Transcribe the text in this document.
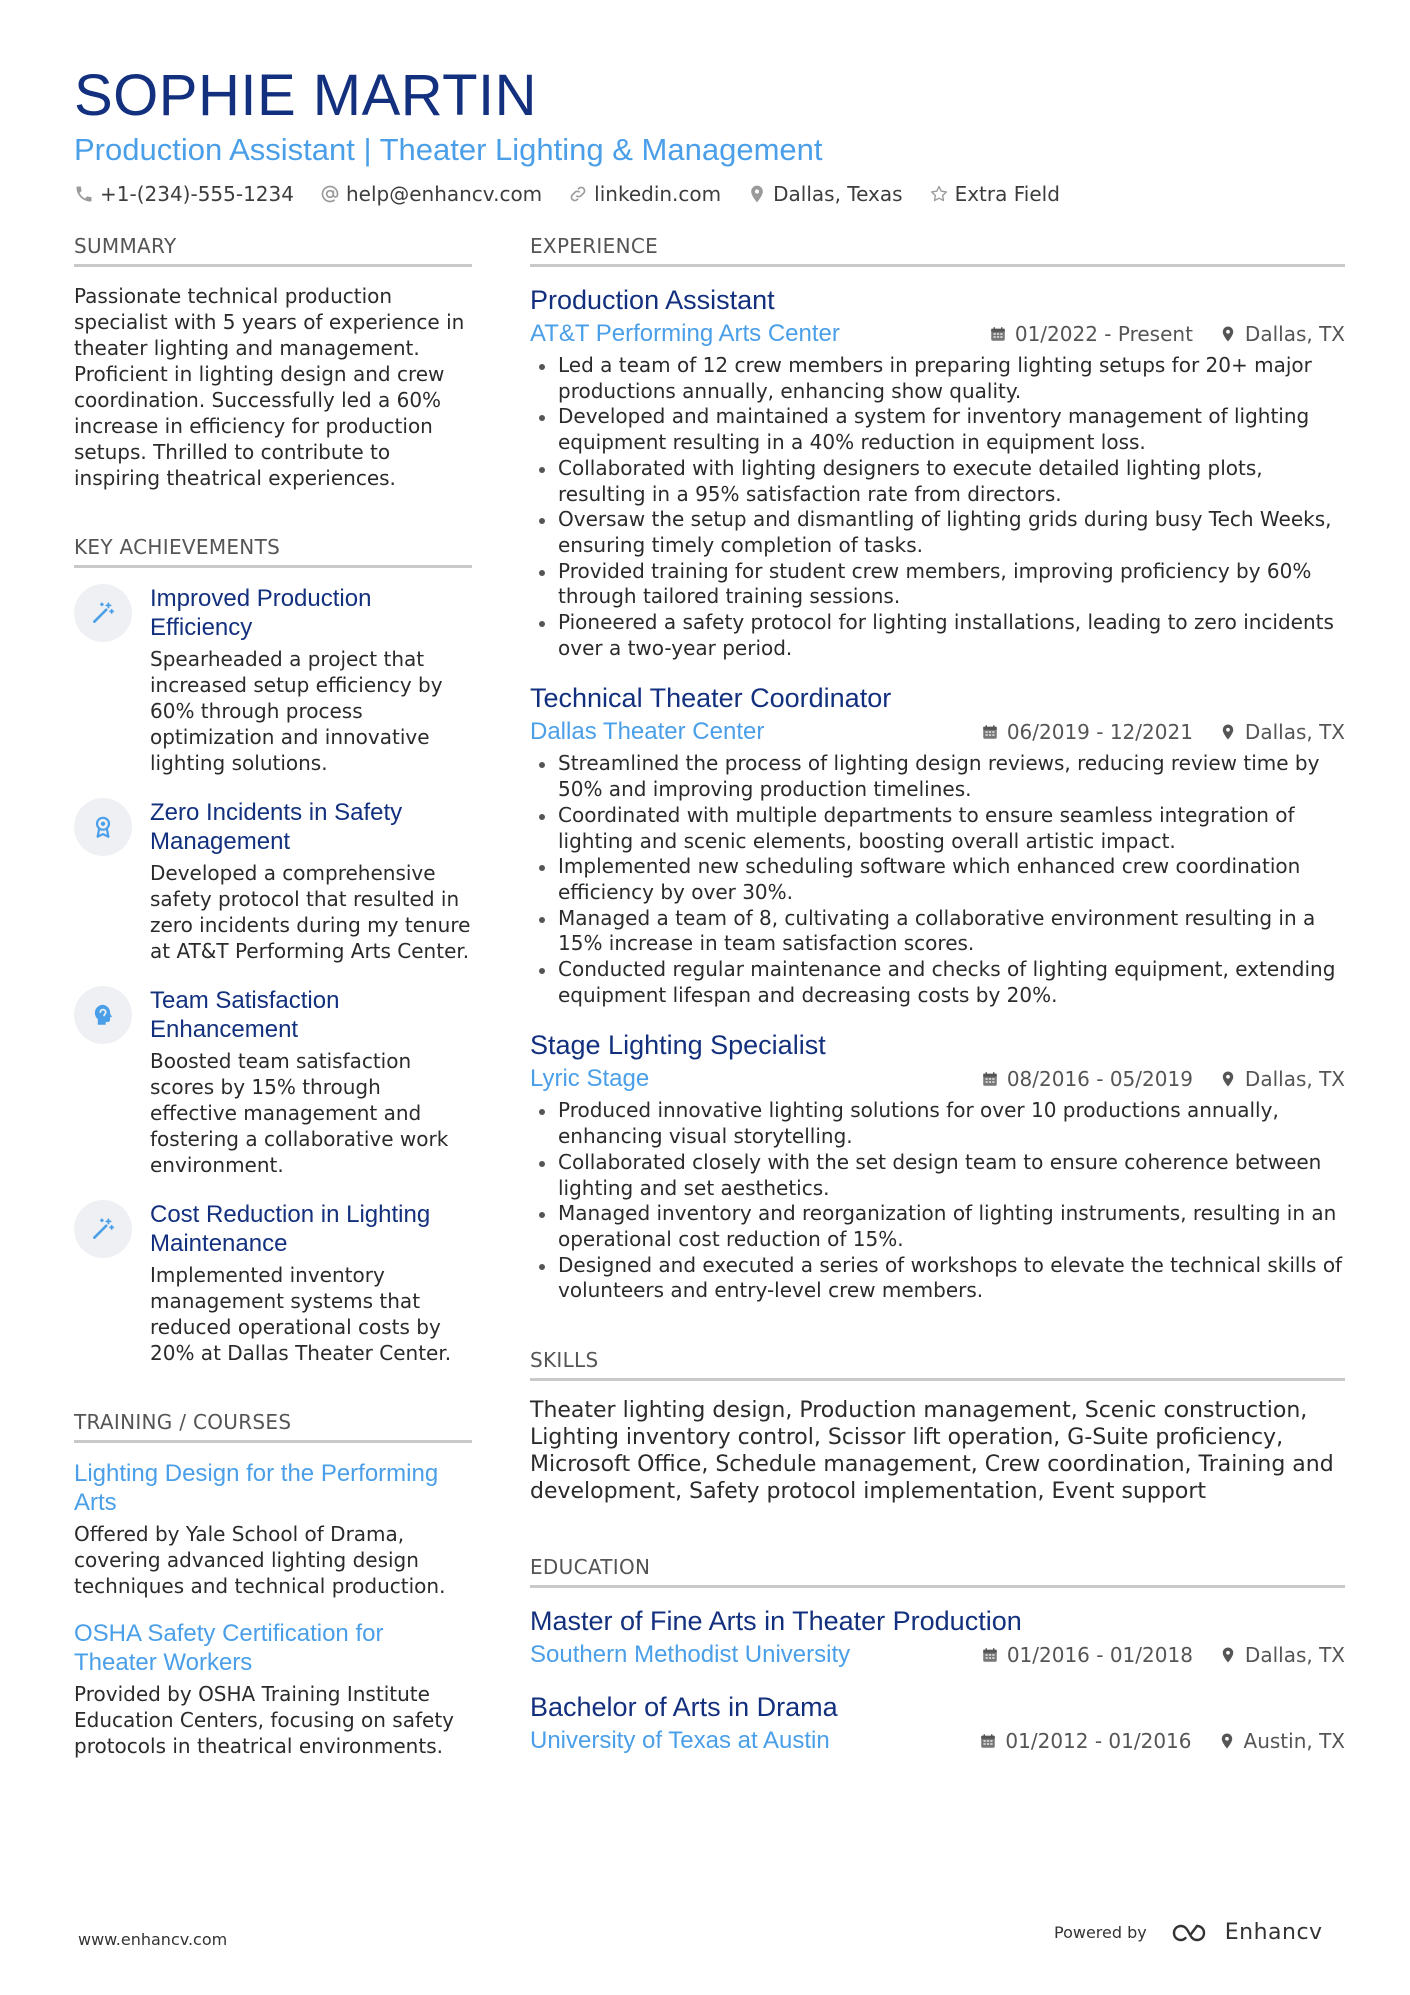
SOPHIE MARTIN
Production Assistant | Theater Lighting & Management
+1-(234)-555-1234	help@enhancv.com	linkedin.com	Dallas, Texas	Extra Field
SUMMARY
Passionate technical production specialist with 5 years of experience in theater lighting and management. Proficient in lighting design and crew coordination. Successfully led a 60% increase in efficiency for production setups. Thrilled to contribute to inspiring theatrical experiences.
KEY ACHIEVEMENTS
Improved Production Efficiency
Spearheaded a project that increased setup efficiency by 60% through process optimization and innovative lighting solutions.
Zero Incidents in Safety Management
Developed a comprehensive safety protocol that resulted in zero incidents during my tenure at AT&T Performing Arts Center.
Team Satisfaction Enhancement
Boosted team satisfaction scores by 15% through effective management and fostering a collaborative work environment.
Cost Reduction in Lighting Maintenance
Implemented inventory management systems that reduced operational costs by 20% at Dallas Theater Center.
TRAINING / COURSES
Lighting Design for the Performing Arts
Offered by Yale School of Drama, covering advanced lighting design techniques and technical production.
OSHA Safety Certification for Theater Workers
Provided by OSHA Training Institute Education Centers, focusing on safety protocols in theatrical environments.
EXPERIENCE
Production Assistant
AT&T Performing Arts Center	01/2022 - Present	Dallas, TX
Led a team of 12 crew members in preparing lighting setups for 20+ major productions annually, enhancing show quality.
Developed and maintained a system for inventory management of lighting equipment resulting in a 40% reduction in equipment loss.
Collaborated with lighting designers to execute detailed lighting plots, resulting in a 95% satisfaction rate from directors.
Oversaw the setup and dismantling of lighting grids during busy Tech Weeks, ensuring timely completion of tasks.
Provided training for student crew members, improving proficiency by 60% through tailored training sessions.
Pioneered a safety protocol for lighting installations, leading to zero incidents over a two-year period.
Technical Theater Coordinator
Dallas Theater Center	06/2019 - 12/2021	Dallas, TX
Streamlined the process of lighting design reviews, reducing review time by 50% and improving production timelines.
Coordinated with multiple departments to ensure seamless integration of lighting and scenic elements, boosting overall artistic impact.
Implemented new scheduling software which enhanced crew coordination efficiency by over 30%.
Managed a team of 8, cultivating a collaborative environment resulting in a 15% increase in team satisfaction scores.
Conducted regular maintenance and checks of lighting equipment, extending equipment lifespan and decreasing costs by 20%.
Stage Lighting Specialist
Lyric Stage	08/2016 - 05/2019	Dallas, TX
Produced innovative lighting solutions for over 10 productions annually, enhancing visual storytelling.
Collaborated closely with the set design team to ensure coherence between lighting and set aesthetics.
Managed inventory and reorganization of lighting instruments, resulting in an operational cost reduction of 15%.
Designed and executed a series of workshops to elevate the technical skills of volunteers and entry-level crew members.
SKILLS
Theater lighting design, Production management, Scenic construction, Lighting inventory control, Scissor lift operation, G-Suite proficiency, Microsoft Office, Schedule management, Crew coordination, Training and development, Safety protocol implementation, Event support
EDUCATION
Master of Fine Arts in Theater Production
Southern Methodist University	01/2016 - 01/2018	Dallas, TX
Bachelor of Arts in Drama
University of Texas at Austin	01/2012 - 01/2016	Austin, TX
www.enhancv.com	Powered by	Enhancv
